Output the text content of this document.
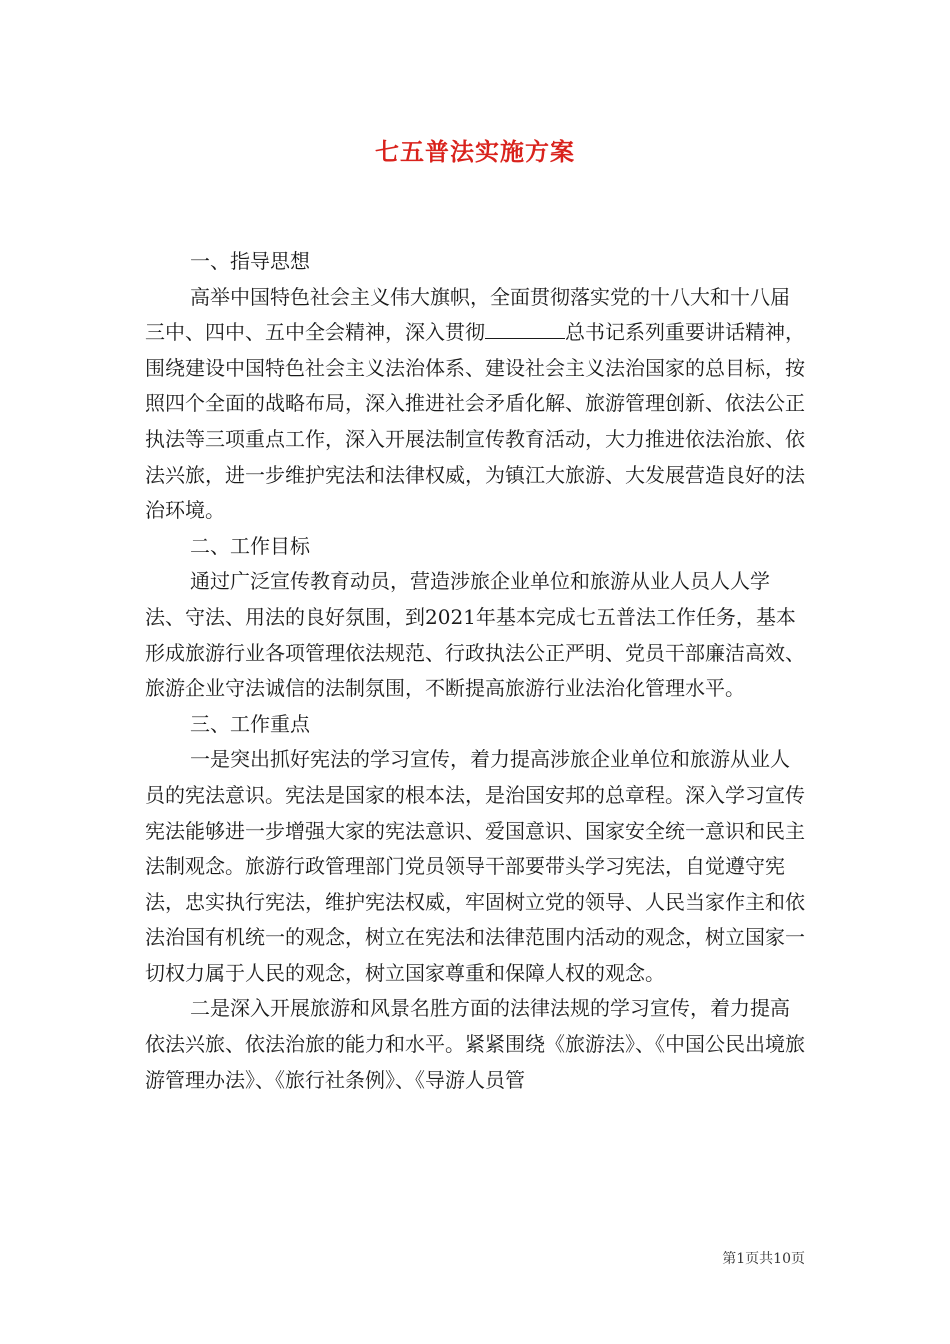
七五普法实施方案

一、指导思想

高举中国特色社会主义伟大旗帜，全面贯彻落实党的十八大和十八届三中、四中、五中全会精神，深入贯彻	总书记系列重要讲话精神，围绕建设中国特色社会主义法治体系、建设社会主义法治国家的总目标，按照四个全面的战略布局，深入推进社会矛盾化解、旅游管理创新、依法公正执法等三项重点工作，深入开展法制宣传教育活动，大力推进依法治旅、依法兴旅，进一步维护宪法和法律权威，为镇江大旅游、大发展营造良好的法治环境。

二、工作目标

通过广泛宣传教育动员，营造涉旅企业单位和旅游从业人员人人学法、守法、用法的良好氛围，到2021年基本完成七五普法工作任务，基本形成旅游行业各项管理依法规范、行政执法公正严明、党员干部廉洁高效、旅游企业守法诚信的法制氛围，不断提高旅游行业法治化管理水平。

三、工作重点

一是突出抓好宪法的学习宣传，着力提高涉旅企业单位和旅游从业人员的宪法意识。宪法是国家的根本法，是治国安邦的总章程。深入学习宣传宪法能够进一步增强大家的宪法意识、爱国意识、国家安全统一意识和民主法制观念。旅游行政管理部门党员领导干部要带头学习宪法，自觉遵守宪法，忠实执行宪法，维护宪法权威，牢固树立党的领导、人民当家作主和依法治国有机统一的观念，树立在宪法和法律范围内活动的观念，树立国家一切权力属于人民的观念，树立国家尊重和保障人权的观念。

二是深入开展旅游和风景名胜方面的法律法规的学习宣传，着力提高依法兴旅、依法治旅的能力和水平。紧紧围绕《旅游法》、《中国公民出境旅游管理办法》、《旅行社条例》、《导游人员管

第1页共10页
